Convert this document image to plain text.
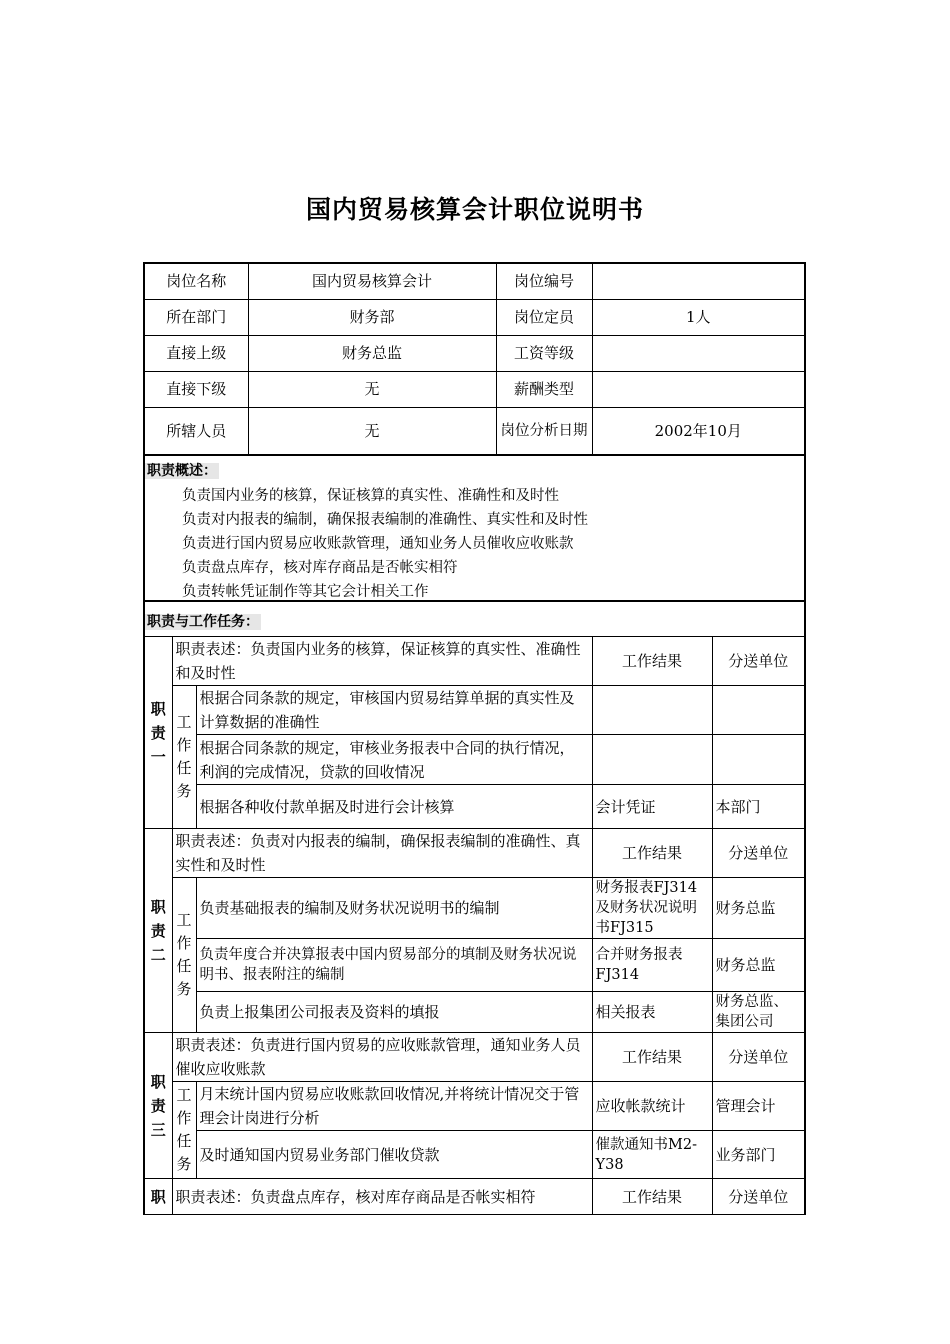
国内贸易核算会计职位说明书
岗位名称	国内贸易核算会计	岗位编号	
所在部门	财务部	岗位定员	1人
直接上级	财务总监	工资等级	
直接下级	无	薪酬类型	
所辖人员	无	岗位分析日期	2002年10月
职责概述：
负责国内业务的核算，保证核算的真实性、准确性和及时性
负责对内报表的编制，确保报表编制的准确性、真实性和及时性
负责进行国内贸易应收账款管理，通知业务人员催收应收账款
负责盘点库存，核对库存商品是否帐实相符
负责转帐凭证制作等其它会计相关工作
职责与工作任务：
职责一	职责表述：负责国内业务的核算，保证核算的真实性、准确性和及时性		工作结果	分送单位
	工作任务	根据合同条款的规定，审核国内贸易结算单据的真实性及计算数据的准确性		
		根据合同条款的规定，审核业务报表中合同的执行情况，利润的完成情况，贷款的回收情况		
		根据各种收付款单据及时进行会计核算	会计凭证	本部门
职责二	职责表述：负责对内报表的编制，确保报表编制的准确性、真实性和及时性		工作结果	分送单位
	工作任务	负责基础报表的编制及财务状况说明书的编制	财务报表FJ314及财务状况说明书FJ315	财务总监
		负责年度合并决算报表中国内贸易部分的填制及财务状况说明书、报表附注的编制	合并财务报表FJ314	财务总监
		负责上报集团公司报表及资料的填报	相关报表	财务总监、集团公司
职责三	职责表述：负责进行国内贸易的应收账款管理，通知业务人员催收应收账款		工作结果	分送单位
	工作任务	月末统计国内贸易应收账款回收情况,并将统计情况交于管理会计岗进行分析	应收帐款统计	管理会计
		及时通知国内贸易业务部门催收贷款	催款通知书M2-Y38	业务部门
职	职责表述：负责盘点库存，核对库存商品是否帐实相符		工作结果	分送单位
